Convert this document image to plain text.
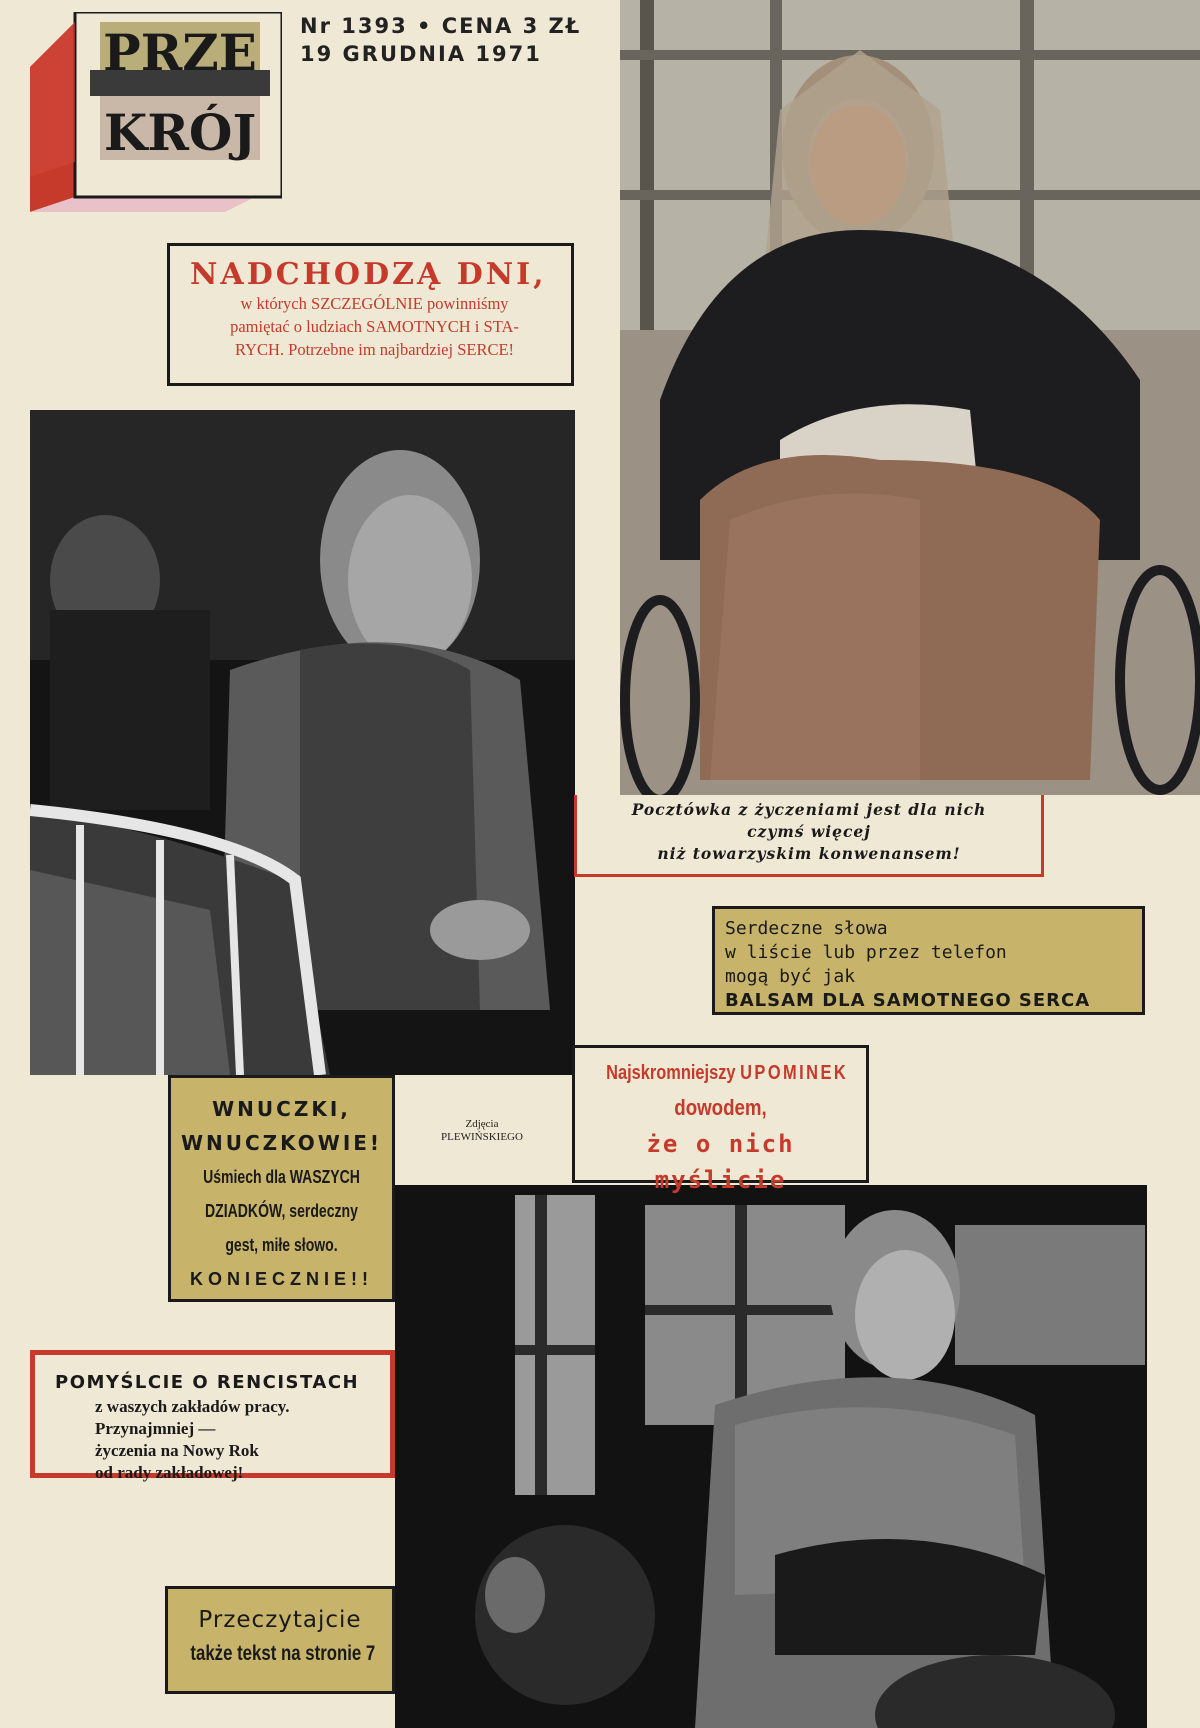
PRZE
KRÓJ
Nr 1393 • CENA 3 ZŁ
19 GRUDNIA 1971
NADCHODZĄ DNI,
w których SZCZEGÓLNIE powinniśmy
pamiętać o ludziach SAMOTNYCH i STA-
RYCH. Potrzebne im najbardziej SERCE!
Pocztówka z życzeniami jest dla nich
czymś więcej
niż towarzyskim konwenansem!
Serdeczne słowa
w liście lub przez telefon
mogą być jak
BALSAM DLA SAMOTNEGO SERCA
Najskromniejszy UPOMINEK
dowodem,
że o nich myślicie
Zdjęcia
PLEWIŃSKIEGO
WNUCZKI,
WNUCZKOWIE!
Uśmiech dla WASZYCH
DZIADKÓW, serdeczny
gest, miłe słowo.
KONIECZNIE!!
POMYŚLCIE O RENCISTACH
z waszych zakładów pracy.
Przynajmniej —
życzenia na Nowy Rok
od rady zakładowej!
Przeczytajcie
także tekst na stronie 7
